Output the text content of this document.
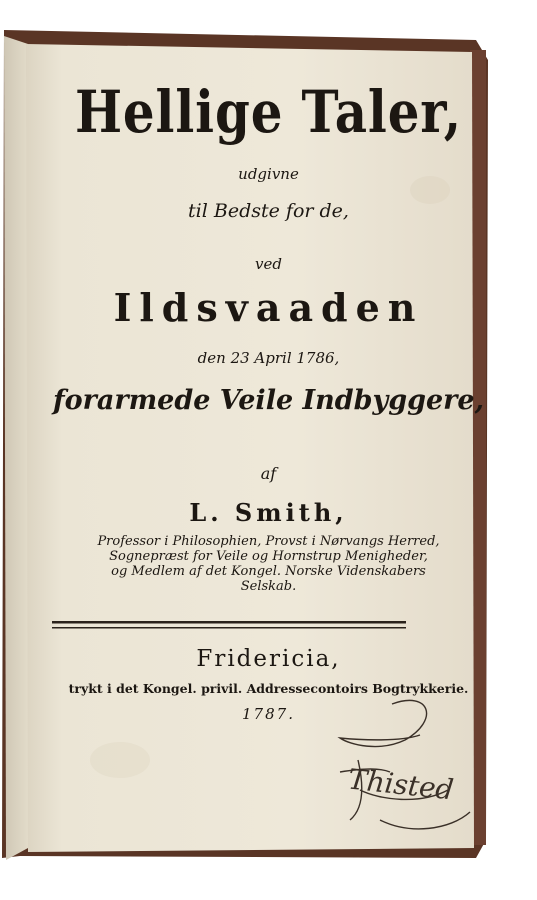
Hellige Taler,
udgivne
til Bedste for de,
ved
Ildsvaaden
den 23 April 1786,
forarmede Veile Indbyggere,
af
L. Smith,
Professor i Philosophien, Provst i Nørvangs Herred,
Sognepræst for Veile og Hornstrup Menigheder,
og Medlem af det Kongel. Norske Videnskabers
Selskab.
Fridericia,
trykt i det Kongel. privil. Addressecontoirs Bogtrykkerie.
1787.
Thisted
